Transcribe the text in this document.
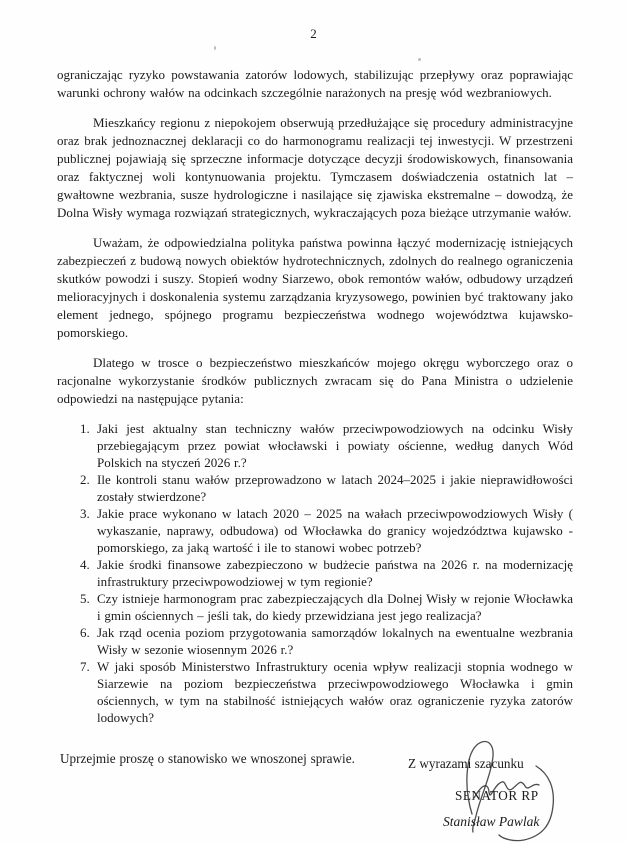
2

ograniczając ryzyko powstawania zatorów lodowych, stabilizując przepływy oraz poprawiając warunki ochrony wałów na odcinkach szczególnie narażonych na presję wód wezbraniowych.

Mieszkańcy regionu z niepokojem obserwują przedłużające się procedury administracyjne oraz brak jednoznacznej deklaracji co do harmonogramu realizacji tej inwestycji. W przestrzeni publicznej pojawiają się sprzeczne informacje dotyczące decyzji środowiskowych, finansowania oraz faktycznej woli kontynuowania projektu. Tymczasem doświadczenia ostatnich lat – gwałtowne wezbrania, susze hydrologiczne i nasilające się zjawiska ekstremalne – dowodzą, że Dolna Wisły wymaga rozwiązań strategicznych, wykraczających poza bieżące utrzymanie wałów.

Uważam, że odpowiedzialna polityka państwa powinna łączyć modernizację istniejących zabezpieczeń z budową nowych obiektów hydrotechnicznych, zdolnych do realnego ograniczenia skutków powodzi i suszy. Stopień wodny Siarzewo, obok remontów wałów, odbudowy urządzeń melioracyjnych i doskonalenia systemu zarządzania kryzysowego, powinien być traktowany jako element jednego, spójnego programu bezpieczeństwa wodnego województwa kujawsko-pomorskiego.

Dlatego w trosce o bezpieczeństwo mieszkańców mojego okręgu wyborczego oraz o racjonalne wykorzystanie środków publicznych zwracam się do Pana Ministra o udzielenie odpowiedzi na następujące pytania:

1. Jaki jest aktualny stan techniczny wałów przeciwpowodziowych na odcinku Wisły przebiegającym przez powiat włocławski i powiaty ościenne, według danych Wód Polskich na styczeń 2026 r.?
2. Ile kontroli stanu wałów przeprowadzono w latach 2024–2025 i jakie nieprawidłowości zostały stwierdzone?
3. Jakie prace wykonano w latach 2020 – 2025 na wałach przeciwpowodziowych Wisły ( wykaszanie, naprawy, odbudowa) od Włocławka do granicy wojedzództwa kujawsko - pomorskiego, za jaką wartość i ile to stanowi wobec potrzeb?
4. Jakie środki finansowe zabezpieczono w budżecie państwa na 2026 r. na modernizację infrastruktury przeciwpowodziowej w tym regionie?
5. Czy istnieje harmonogram prac zabezpieczających dla Dolnej Wisły w rejonie Włocławka i gmin ościennych – jeśli tak, do kiedy przewidziana jest jego realizacja?
6. Jak rząd ocenia poziom przygotowania samorządów lokalnych na ewentualne wezbrania Wisły w sezonie wiosennym 2026 r.?
7. W jaki sposób Ministerstwo Infrastruktury ocenia wpływ realizacji stopnia wodnego w Siarzewie na poziom bezpieczeństwa przeciwpowodziowego Włocławka i gmin ościennych, w tym na stabilność istniejących wałów oraz ograniczenie ryzyka zatorów lodowych?
Uprzejmie proszę o stanowisko we wnoszonej sprawie.	Z wyrazami szacunku
SENATOR RP
Stanisław Pawlak
